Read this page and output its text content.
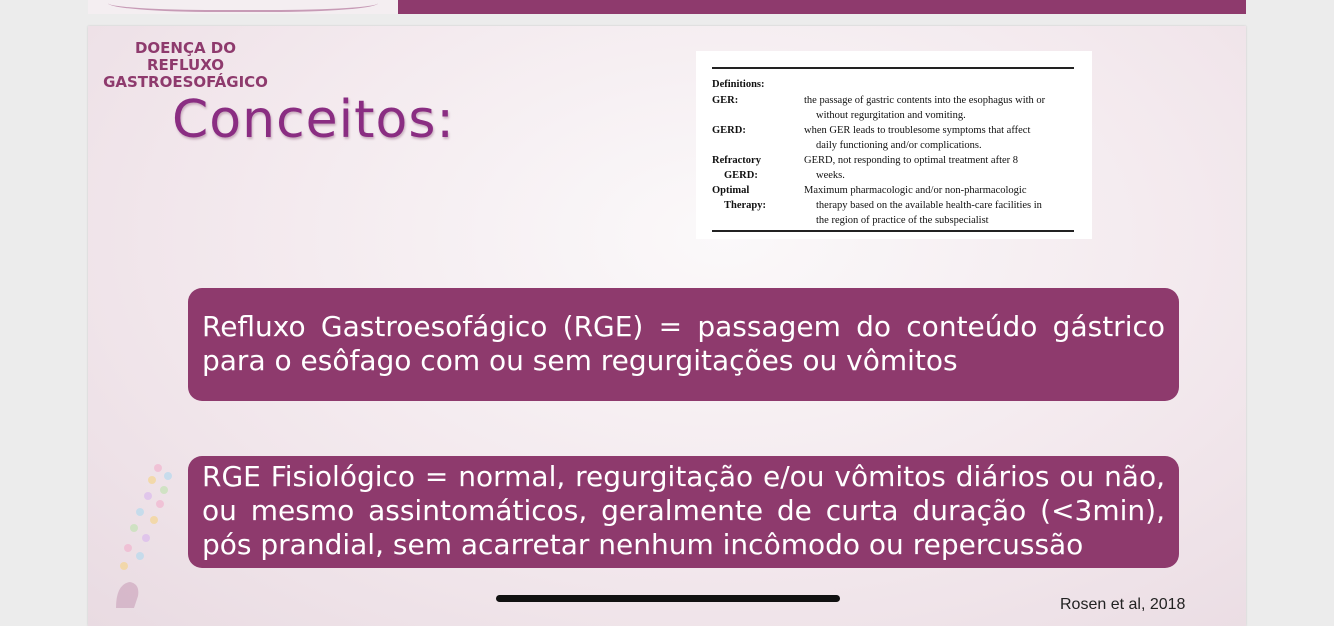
DOENÇA DO REFLUXO
GASTROESOFÁGICO
Conceitos:
Definitions:
GER:	the passage of gastric contents into the esophagus with or
without regurgitation and vomiting.
GERD:	when GER leads to troublesome symptoms that affect
daily functioning and/or complications.
Refractory
GERD:
GERD, not responding to optimal treatment after 8
weeks.
Optimal
Therapy:
Maximum pharmacologic and/or non-pharmacologic
therapy based on the available health-care facilities in
the region of practice of the subspecialist
Refluxo Gastroesofágico (RGE) = passagem do conteúdo gástrico para o esôfago com ou sem regurgitações ou vômitos
RGE Fisiológico = normal, regurgitação e/ou vômitos diários ou não, ou mesmo assintomáticos, geralmente de curta duração (<3min), pós prandial, sem acarretar nenhum incômodo ou repercussão
Rosen et al, 2018
